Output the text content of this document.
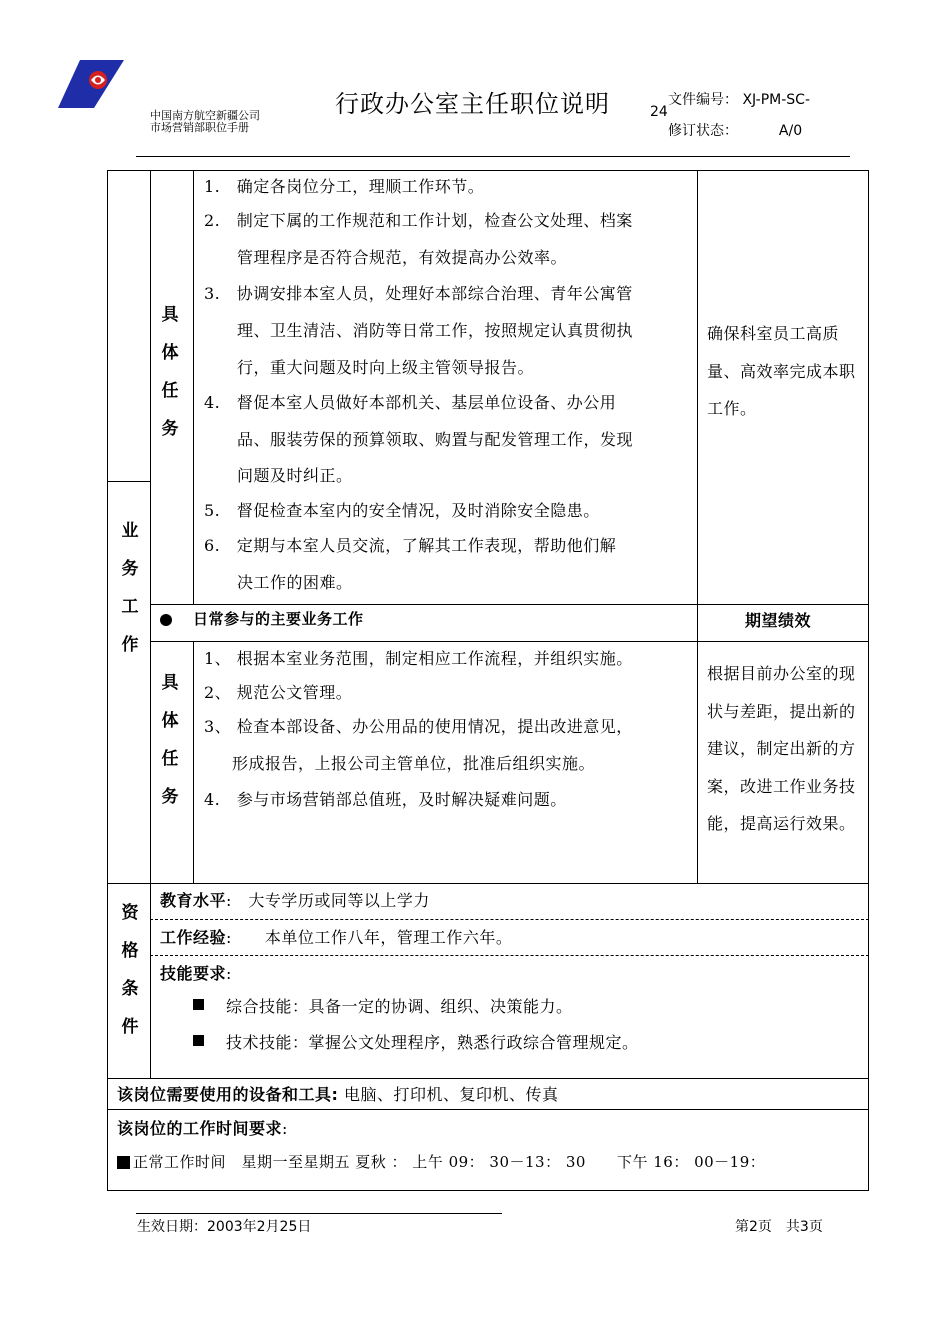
中国南方航空新疆公司
市场营销部职位手册
行政办公室主任职位说明	文件编号： XJ-PM-SC-
24
修订状态：	A/0
业务工作
具体任务
1.　确定各岗位分工，理顺工作环节。
2.　制定下属的工作规范和工作计划，检查公文处理、档案
管理程序是否符合规范，有效提高办公效率。
3.　协调安排本室人员，处理好本部综合治理、青年公寓管
理、卫生清洁、消防等日常工作，按照规定认真贯彻执
行，重大问题及时向上级主管领导报告。
4.　督促本室人员做好本部机关、基层单位设备、办公用
品、服装劳保的预算领取、购置与配发管理工作，发现
问题及时纠正。
5.　督促检查本室内的安全情况，及时消除安全隐患。
6.　定期与本室人员交流，了解其工作表现，帮助他们解
决工作的困难。
确保科室员工高质量、高效率完成本职工作。
日常参与的主要业务工作	期望绩效
具体任务
1、 根据本室业务范围，制定相应工作流程，并组织实施。
2、 规范公文管理。
3、 检查本部设备、办公用品的使用情况，提出改进意见，
形成报告，上报公司主管单位，批准后组织实施。
4.　参与市场营销部总值班，及时解决疑难问题。
根据目前办公室的现状与差距，提出新的建议，制定出新的方案，改进工作业务技能，提高运行效果。
资格条件
教育水平:　大专学历或同等以上学力
工作经验:　　本单位工作八年，管理工作六年。
技能要求:
综合技能：具备一定的协调、组织、决策能力。
技术技能：掌握公文处理程序，熟悉行政综合管理规定。
该岗位需要使用的设备和工具: 电脑、打印机、复印机、传真
该岗位的工作时间要求:
正常工作时间　星期一至星期五 夏秋 ： 上午 09： 30－13： 30　　下午 16： 00－19：
生效日期：2003年2月25日	第2页　共3页
